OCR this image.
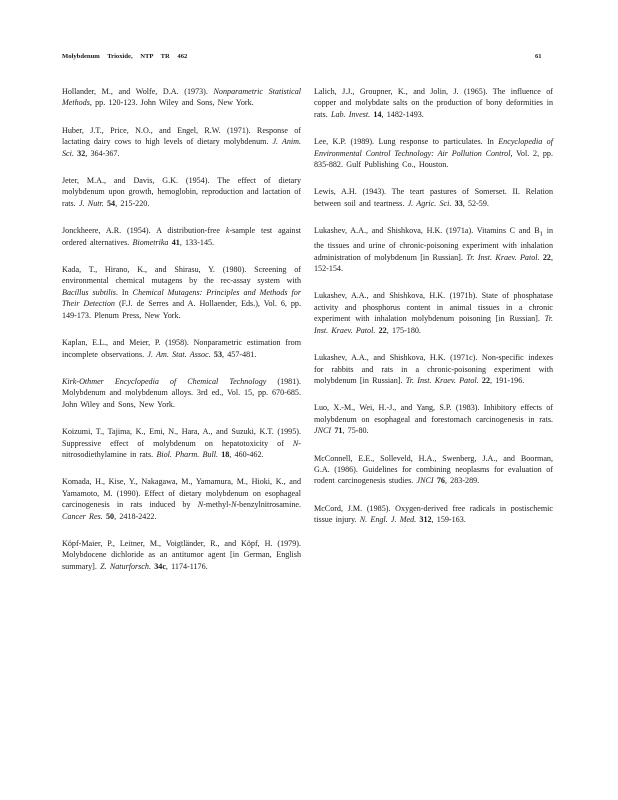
Molybdenum Trioxide, NTP TR 462	61

Hollander, M., and Wolfe, D.A. (1973). Nonparametric Statistical Methods, pp. 120-123. John Wiley and Sons, New York.

Huber, J.T., Price, N.O., and Engel, R.W. (1971). Response of lactating dairy cows to high levels of dietary molybdenum. J. Anim. Sci. 32, 364-367.

Jeter, M.A., and Davis, G.K. (1954). The effect of dietary molybdenum upon growth, hemoglobin, reproduction and lactation of rats. J. Nutr. 54, 215-220.

Jonckheere, A.R. (1954). A distribution-free k-sample test against ordered alternatives. Biometrika 41, 133-145.

Kada, T., Hirano, K., and Shirasu, Y. (1980). Screening of environmental chemical mutagens by the rec-assay system with Bacillus subtilis. In Chemical Mutagens: Principles and Methods for Their Detection (F.J. de Serres and A. Hollaender, Eds.), Vol. 6, pp. 149-173. Plenum Press, New York.

Kaplan, E.L., and Meier, P. (1958). Nonparametric estimation from incomplete observations. J. Am. Stat. Assoc. 53, 457-481.

Kirk-Othmer Encyclopedia of Chemical Technology (1981). Molybdenum and molybdenum alloys. 3rd ed., Vol. 15, pp. 670-685. John Wiley and Sons, New York.

Koizumi, T., Tajima, K., Emi, N., Hara, A., and Suzuki, K.T. (1995). Suppressive effect of molybdenum on hepatotoxicity of N-nitrosodiethylamine in rats. Biol. Pharm. Bull. 18, 460-462.

Komada, H., Kise, Y., Nakagawa, M., Yamamura, M., Hioki, K., and Yamamoto, M. (1990). Effect of dietary molybdenum on esophageal carcinogenesis in rats induced by N-methyl-N-benzylnitrosamine. Cancer Res. 50, 2418-2422.

Köpf-Maier, P., Leitner, M., Voigtländer, R., and Köpf, H. (1979). Molybdocene dichloride as an antitumor agent [in German, English summary]. Z. Naturforsch. 34c, 1174-1176.

Lalich, J.J., Groupner, K., and Jolin, J. (1965). The influence of copper and molybdate salts on the production of bony deformities in rats. Lab. Invest. 14, 1482-1493.

Lee, K.P. (1989). Lung response to particulates. In Encyclopedia of Environmental Control Technology: Air Pollution Control, Vol. 2, pp. 835-882. Gulf Publishing Co., Houston.

Lewis, A.H. (1943). The teart pastures of Somerset. II. Relation between soil and teartness. J. Agric. Sci. 33, 52-59.

Lukashev, A.A., and Shishkova, H.K. (1971a). Vitamins C and $B_1$ in the tissues and urine of chronic-poisoning experiment with inhalation administration of molybdenum [in Russian]. Tr. Inst. Kraev. Patol. 22, 152-154.

Lukashev, A.A., and Shishkova, H.K. (1971b). State of phosphatase activity and phosphorus content in animal tissues in a chronic experiment with inhalation molybdenum poisoning [in Russian]. Tr. Inst. Kraev. Patol. 22, 175-180.

Lukashev, A.A., and Shishkova, H.K. (1971c). Non-specific indexes for rabbits and rats in a chronic-poisoning experiment with molybdenum [in Russian]. Tr. Inst. Kraev. Patol. 22, 191-196.

Luo, X.-M., Wei, H.-J., and Yang, S.P. (1983). Inhibitory effects of molybdenum on esophageal and forestomach carcinogenesis in rats. JNCI 71, 75-80.

McConnell, E.E., Solleveld, H.A., Swenberg, J.A., and Boorman, G.A. (1986). Guidelines for combining neoplasms for evaluation of rodent carcinogenesis studies. JNCI 76, 283-289.

McCord, J.M. (1985). Oxygen-derived free radicals in postischemic tissue injury. N. Engl. J. Med. 312, 159-163.
